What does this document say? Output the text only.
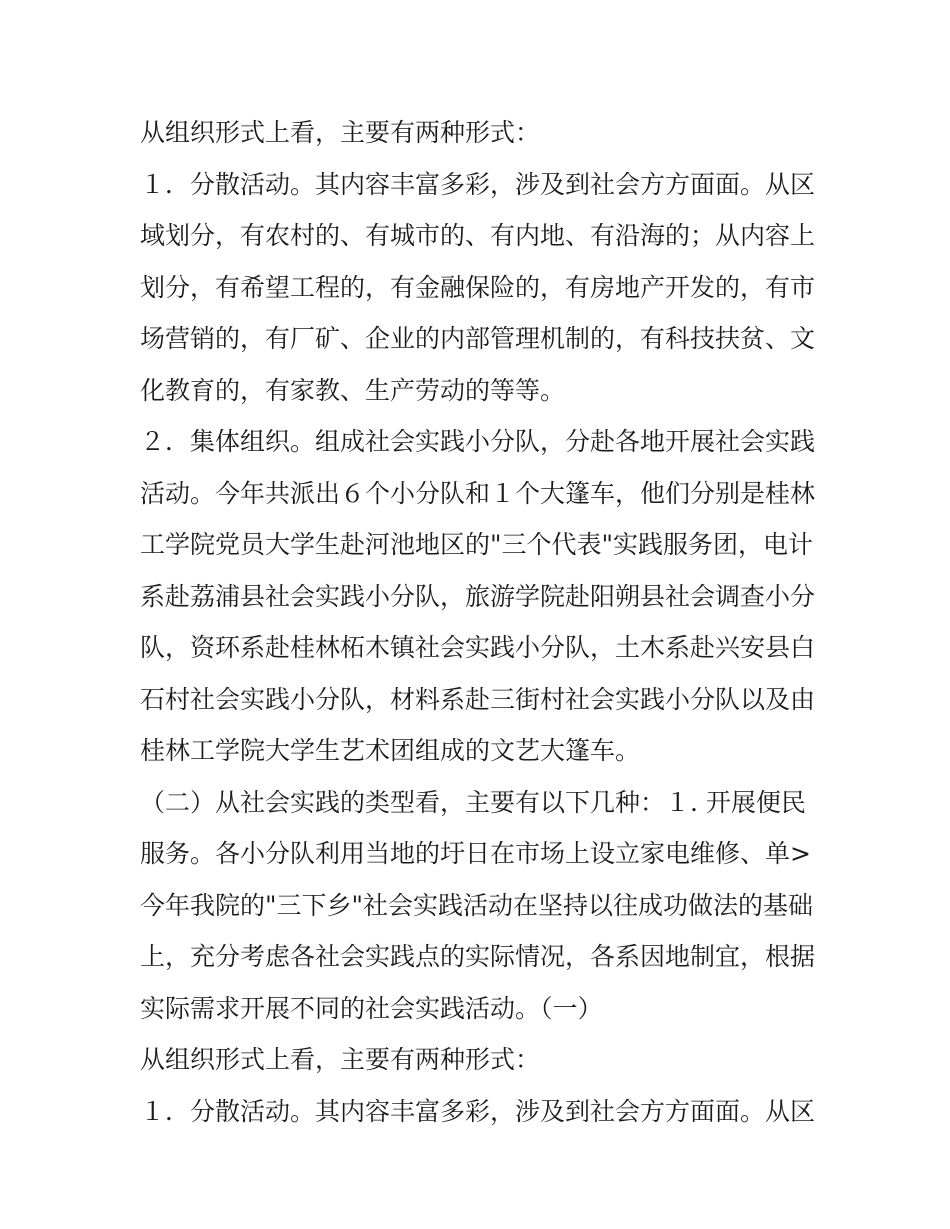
从组织形式上看，主要有两种形式：
１．分散活动。其内容丰富多彩，涉及到社会方方面面。从区
域划分，有农村的、有城市的、有内地、有沿海的；从内容上
划分，有希望工程的，有金融保险的，有房地产开发的，有市
场营销的，有厂矿、企业的内部管理机制的，有科技扶贫、文
化教育的，有家教、生产劳动的等等。
２．集体组织。组成社会实践小分队，分赴各地开展社会实践
活动。今年共派出６个小分队和１个大篷车，他们分别是桂林
工学院党员大学生赴河池地区的"三个代表"实践服务团，电计
系赴荔浦县社会实践小分队，旅游学院赴阳朔县社会调查小分
队，资环系赴桂林柘木镇社会实践小分队，土木系赴兴安县白
石村社会实践小分队，材料系赴三街村社会实践小分队以及由
桂林工学院大学生艺术团组成的文艺大篷车。
（二）从社会实践的类型看，主要有以下几种：１. 开展便民
服务。各小分队利用当地的圩日在市场上设立家电维修、单>
今年我院的"三下乡"社会实践活动在坚持以往成功做法的基础
上，充分考虑各社会实践点的实际情况，各系因地制宜，根据
实际需求开展不同的社会实践活动。（一）
从组织形式上看，主要有两种形式：
１．分散活动。其内容丰富多彩，涉及到社会方方面面。从区
